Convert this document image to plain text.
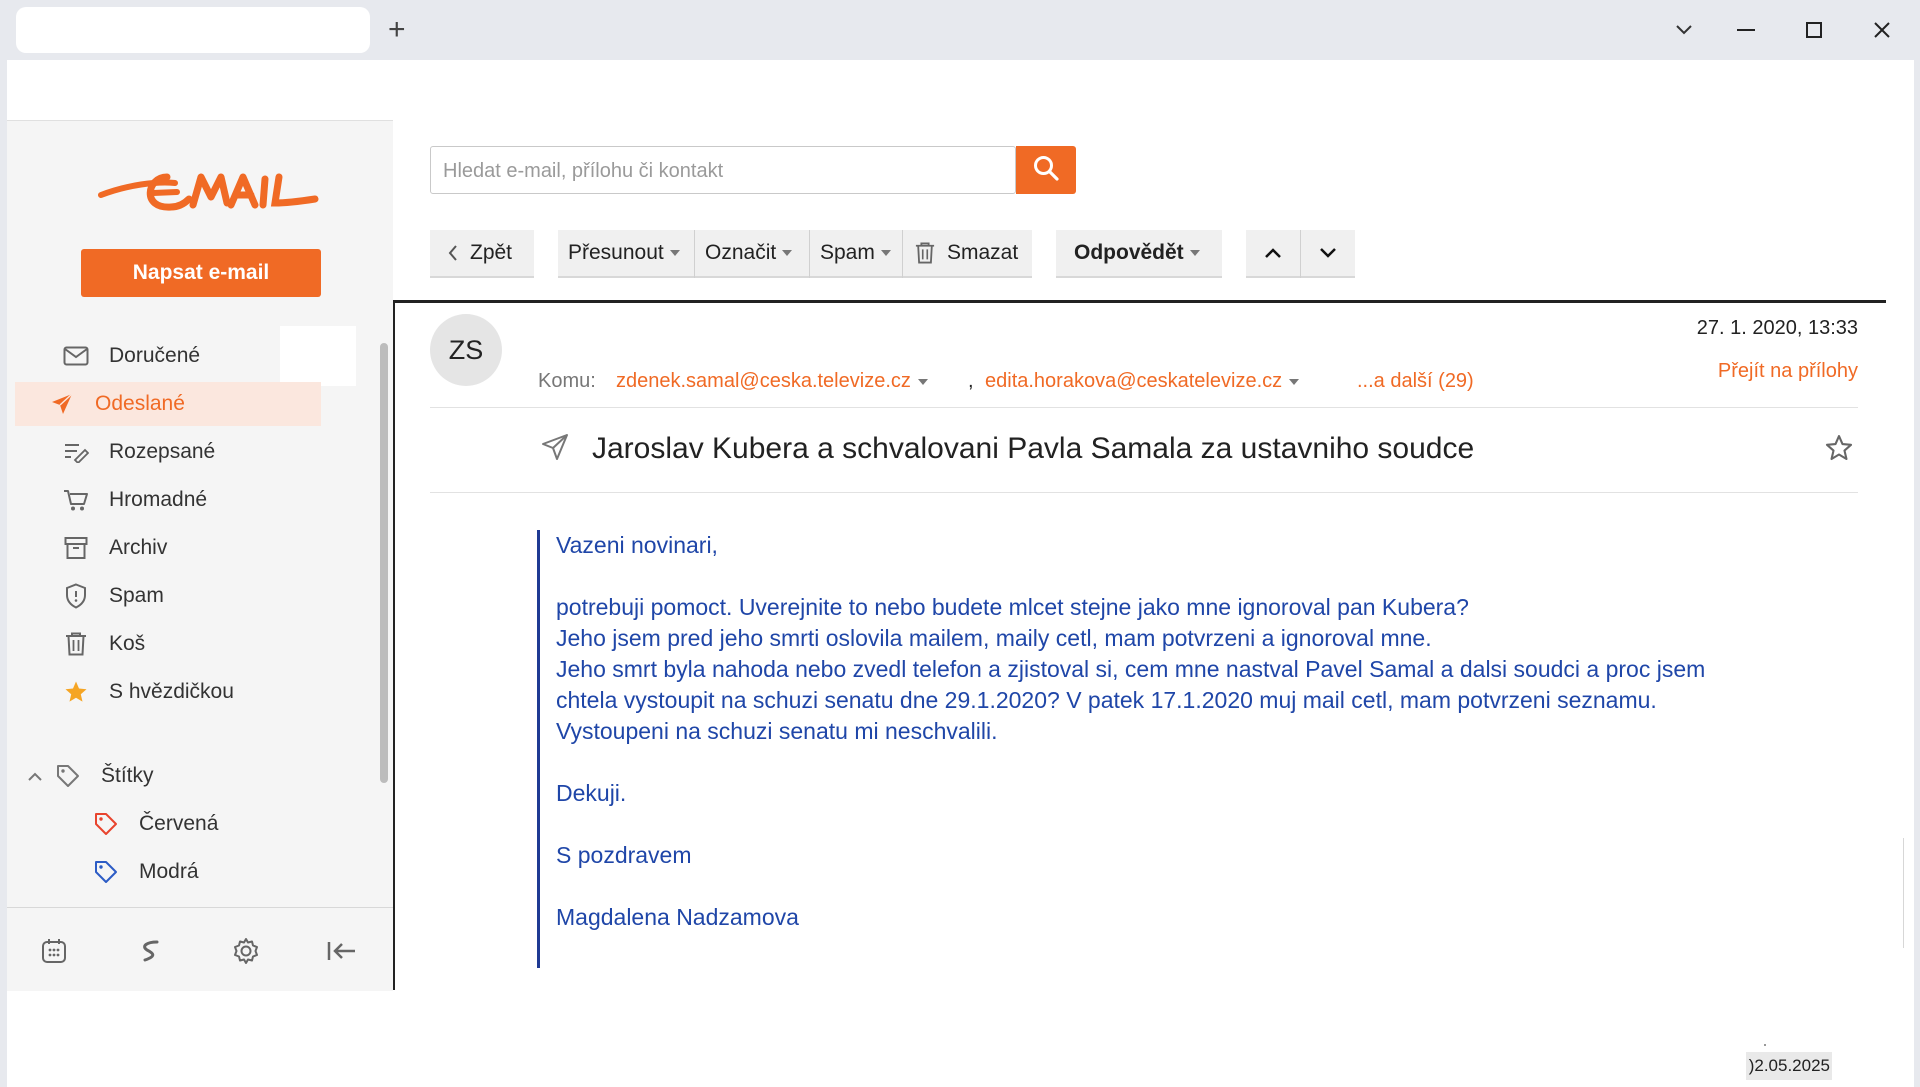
+
Napsat e-mail
Doručené
Odeslané
Rozepsané
Hromadné
Archiv
Spam
Koš
S hvězdičkou
Štítky
Červená
Modrá
Hledat e-mail, přílohu či kontakt
Zpět	Přesunout Označit Spam	Smazat	Odpovědět
ZS
27. 1. 2020, 13:33
Přejít na přílohy
Komu: zdenek.samal@ceska.televize.cz	, edita.horakova@ceskatelevize.cz	...a další (29)
Jaroslav Kubera a schvalovani Pavla Samala za ustavniho soudce
Vazeni novinari,
potrebuji pomoct. Uverejnite to nebo budete mlcet stejne jako mne ignoroval pan Kubera?
Jeho jsem pred jeho smrti oslovila mailem, maily cetl, mam potvrzeni a ignoroval mne.
Jeho smrt byla nahoda nebo zvedl telefon a zjistoval si, cem mne nastval Pavel Samal a dalsi soudci a proc jsem
chtela vystoupit na schuzi senatu dne 29.1.2020? V patek 17.1.2020 muj mail cetl, mam potvrzeni seznamu.
Vystoupeni na schuzi senatu mi neschvalili.
Dekuji.
S pozdravem
Magdalena Nadzamova
)2.05.2025
